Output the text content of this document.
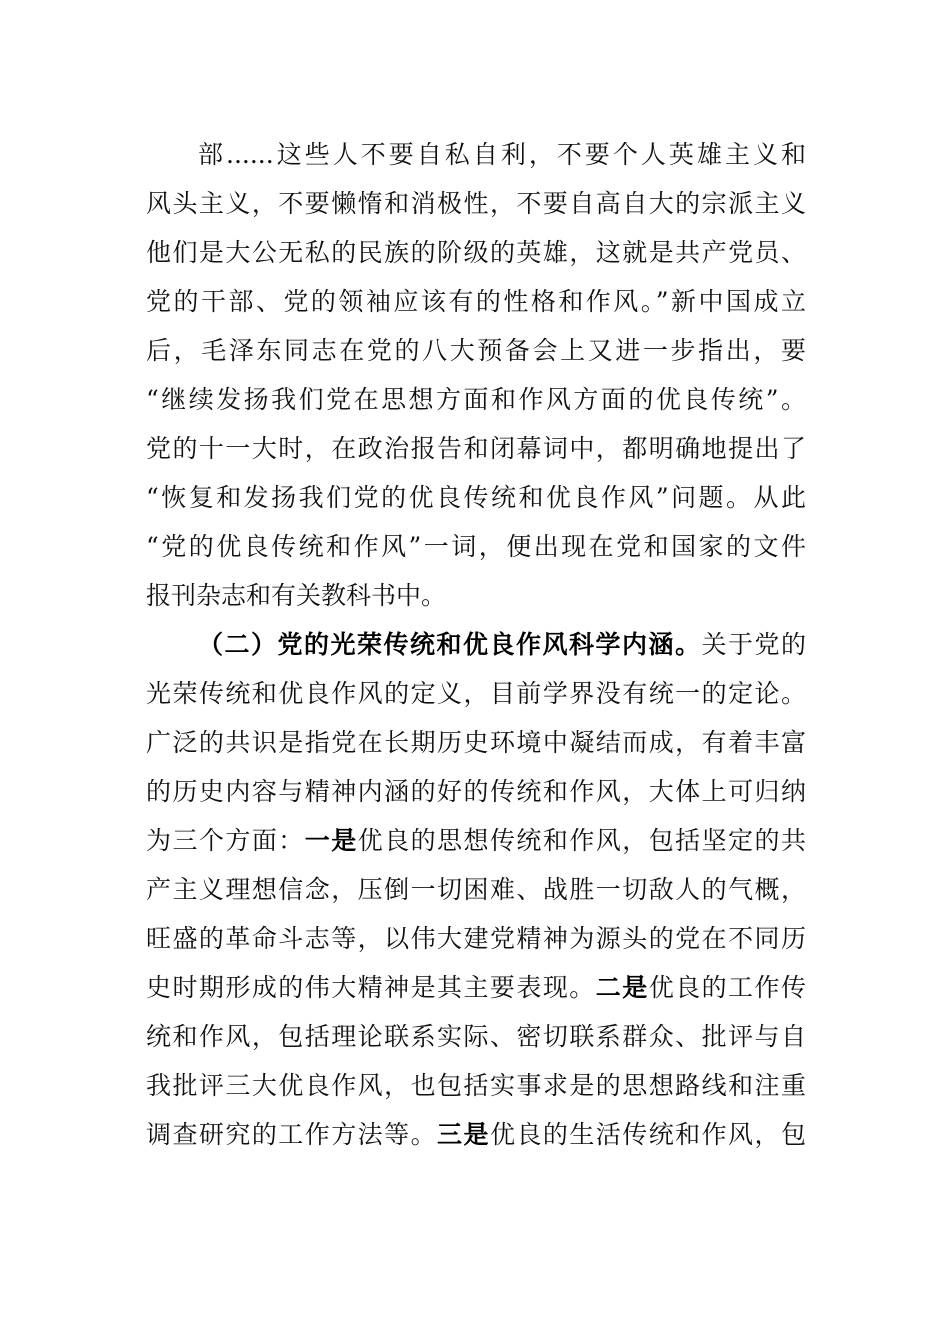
部......这些人不要自私自利，不要个人英雄主义和
风头主义，不要懒惰和消极性，不要自高自大的宗派主义
他们是大公无私的民族的阶级的英雄，这就是共产党员、
党的干部、党的领袖应该有的性格和作风。”新中国成立
后，毛泽东同志在党的八大预备会上又进一步指出，要
“继续发扬我们党在思想方面和作风方面的优良传统”。
党的十一大时，在政治报告和闭幕词中，都明确地提出了
“恢复和发扬我们党的优良传统和优良作风”问题。从此
“党的优良传统和作风”一词，便出现在党和国家的文件
报刊杂志和有关教科书中。
（二）党的光荣传统和优良作风科学内涵。关于党的
光荣传统和优良作风的定义，目前学界没有统一的定论。
广泛的共识是指党在长期历史环境中凝结而成，有着丰富
的历史内容与精神内涵的好的传统和作风，大体上可归纳
为三个方面：一是优良的思想传统和作风，包括坚定的共
产主义理想信念，压倒一切困难、战胜一切敌人的气概，
旺盛的革命斗志等，以伟大建党精神为源头的党在不同历
史时期形成的伟大精神是其主要表现。二是优良的工作传
统和作风，包括理论联系实际、密切联系群众、批评与自
我批评三大优良作风，也包括实事求是的思想路线和注重
调查研究的工作方法等。三是优良的生活传统和作风，包
